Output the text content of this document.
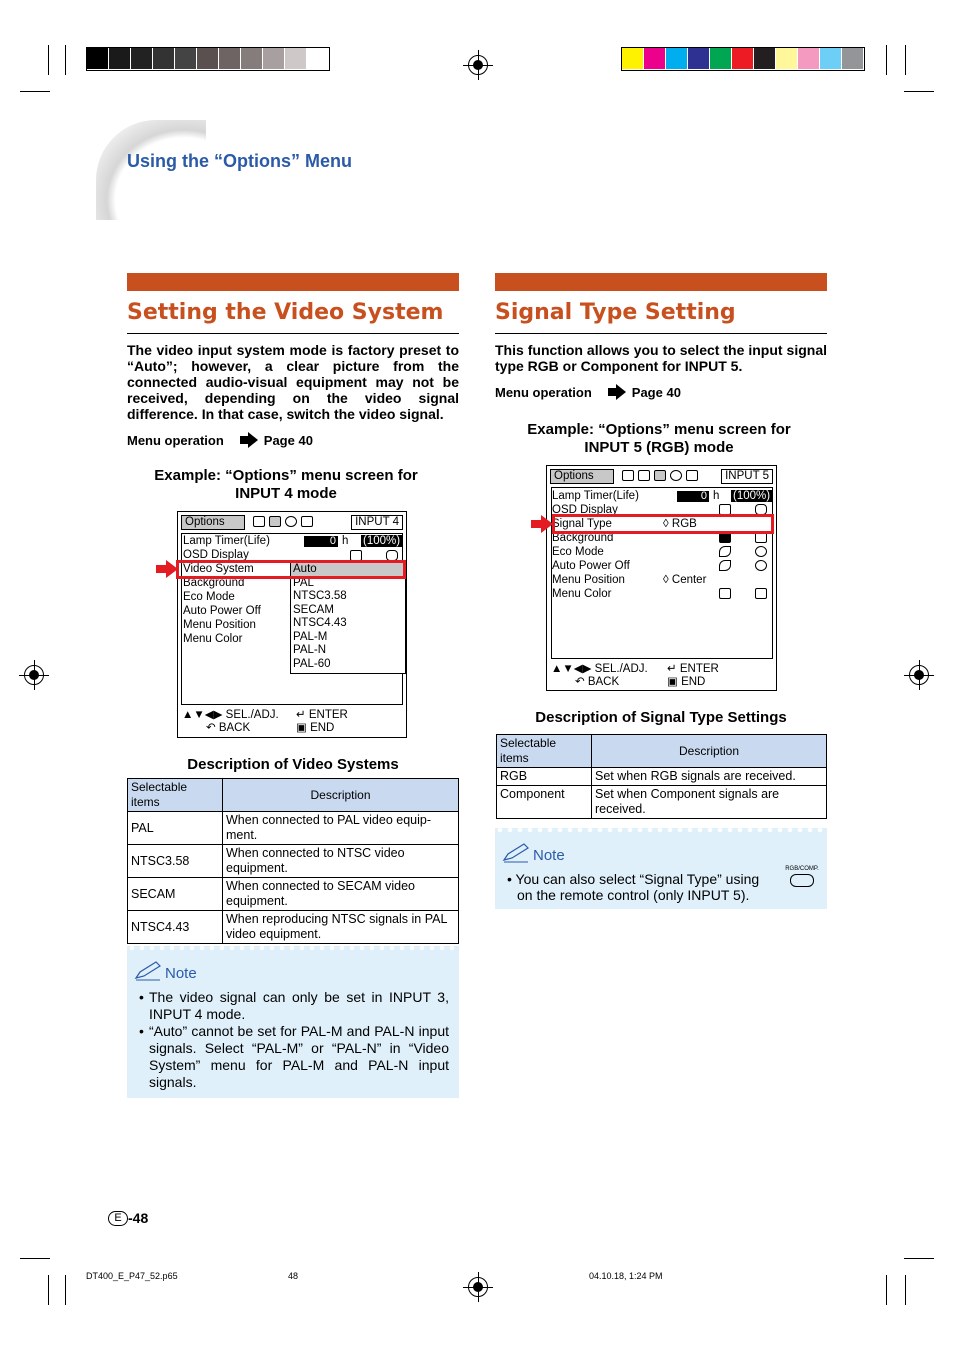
Using the “Options” Menu
Setting the Video System
The video input system mode is factory preset to “Auto”; however, a clear picture from the connected audio-visual equipment may not be received, depending on the video signal difference. In that case, switch the video signal.
Menu operation	Page 40
Example: “Options” menu screen for
INPUT 4 mode
Options	INPUT 4
Lamp Timer(Life)	0 h (100%)
OSD Display
Video System
Background
Eco Mode
Auto Power Off
Menu Position
Menu Color
Auto
PAL
NTSC3.58
SECAM
NTSC4.43
PAL-M
PAL-N
PAL-60
▲▼◀▶ SEL./ADJ. ↵ ENTER
↶ BACK	▣ END
Description of Video Systems
Selectable items	Description
PAL	When connected to PAL video equip-
ment.

NTSC3.58	When connected to NTSC video
equipment.

SECAM	When connected to SECAM video
equipment.

NTSC4.43	When reproducing NTSC signals in PAL
video equipment.
Note
• The video signal can only be set in INPUT 3, INPUT 4 mode.
• “Auto” cannot be set for PAL-M and PAL-N input signals. Select “PAL-M” or “PAL-N” in “Video System” menu for PAL-M and PAL-N input signals.
Signal Type Setting
This function allows you to select the input signal type RGB or Component for INPUT 5.
Menu operation	Page 40
Example: “Options” menu screen for
INPUT 5 (RGB) mode
Options	INPUT 5
Lamp Timer(Life)	0 h (100%)
OSD Display
Signal Type
Background
Eco Mode
Auto Power Off
Menu Position
Menu Color
◊ RGB
◊ Center
▲▼◀▶ SEL./ADJ. ↵ ENTER
↶ BACK	▣ END
Description of Signal Type Settings
Selectable items	Description
RGB	Set when RGB signals are received.

Component	Set when Component signals are
received.
Note
• You can also select “Signal Type” using
RGB/COMP.
on the remote control (only INPUT 5).
E -48
DT400_E_P47_52.p65	48	04.10.18, 1:24 PM
